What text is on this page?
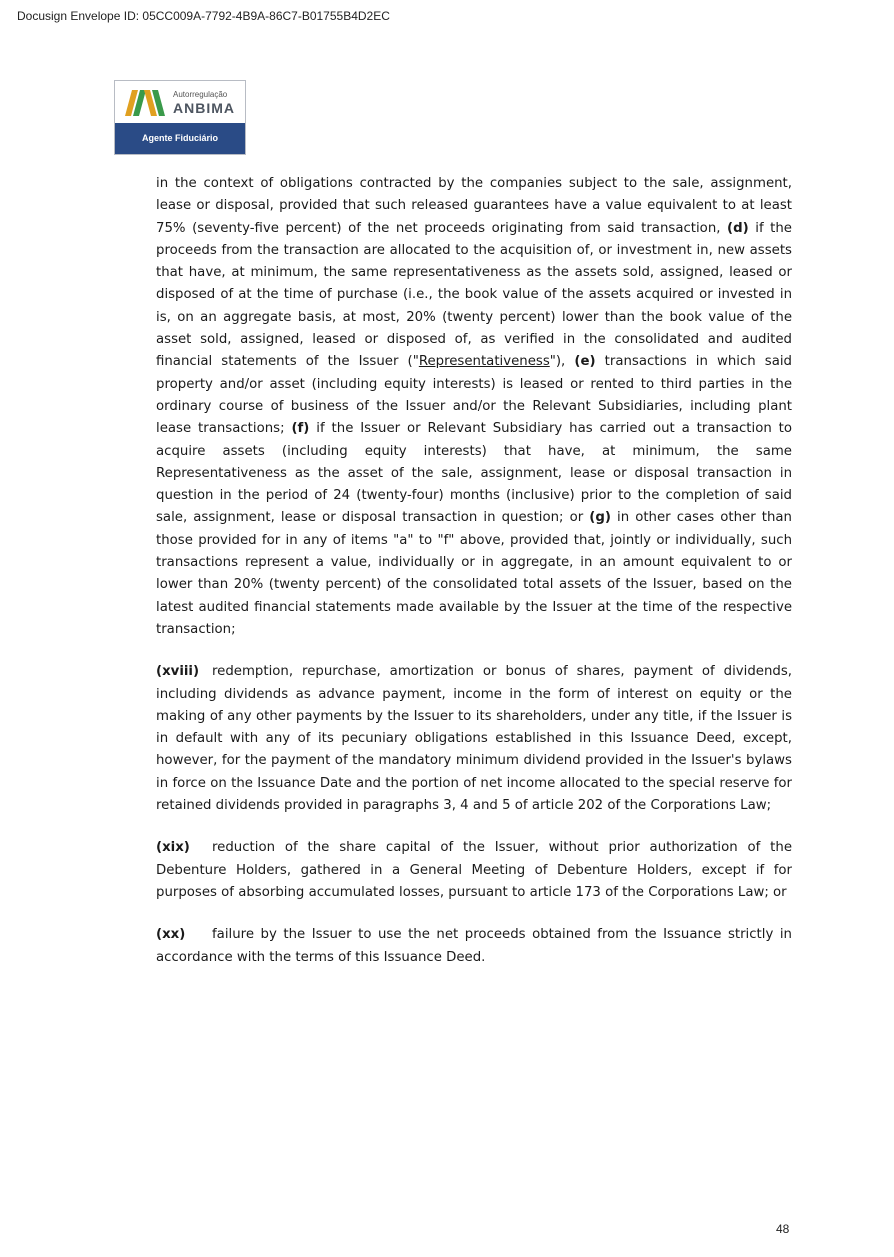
Docusign Envelope ID: 05CC009A-7792-4B9A-86C7-B01755B4D2EC
Autorregulação
ANBIMA
Agente Fiduciário

in the context of obligations contracted by the companies subject to the sale, assignment, lease or disposal, provided that such released guarantees have a value equivalent to at least 75% (seventy-five percent) of the net proceeds originating from said transaction, (d) if the proceeds from the transaction are allocated to the acquisition of, or investment in, new assets that have, at minimum, the same representativeness as the assets sold, assigned, leased or disposed of at the time of purchase (i.e., the book value of the assets acquired or invested in is, on an aggregate basis, at most, 20% (twenty percent) lower than the book value of the asset sold, assigned, leased or disposed of, as verified in the consolidated and audited financial statements of the Issuer ("Representativeness"), (e) transactions in which said property and/or asset (including equity interests) is leased or rented to third parties in the ordinary course of business of the Issuer and/or the Relevant Subsidiaries, including plant lease transactions; (f) if the Issuer or Relevant Subsidiary has carried out a transaction to acquire assets (including equity interests) that have, at minimum, the same Representativeness as the asset of the sale, assignment, lease or disposal transaction in question in the period of 24 (twenty-four) months (inclusive) prior to the completion of said sale, assignment, lease or disposal transaction in question; or (g) in other cases other than those provided for in any of items "a" to "f" above, provided that, jointly or individually, such transactions represent a value, individually or in aggregate, in an amount equivalent to or lower than 20% (twenty percent) of the consolidated total assets of the Issuer, based on the latest audited financial statements made available by the Issuer at the time of the respective transaction;

(xviii) redemption, repurchase, amortization or bonus of shares, payment of dividends, including dividends as advance payment, income in the form of interest on equity or the making of any other payments by the Issuer to its shareholders, under any title, if the Issuer is in default with any of its pecuniary obligations established in this Issuance Deed, except, however, for the payment of the mandatory minimum dividend provided in the Issuer's bylaws in force on the Issuance Date and the portion of net income allocated to the special reserve for retained dividends provided in paragraphs 3, 4 and 5 of article 202 of the Corporations Law;

(xix) reduction of the share capital of the Issuer, without prior authorization of the Debenture Holders, gathered in a General Meeting of Debenture Holders, except if for purposes of absorbing accumulated losses, pursuant to article 173 of the Corporations Law; or

(xx) failure by the Issuer to use the net proceeds obtained from the Issuance strictly in accordance with the terms of this Issuance Deed.

48
